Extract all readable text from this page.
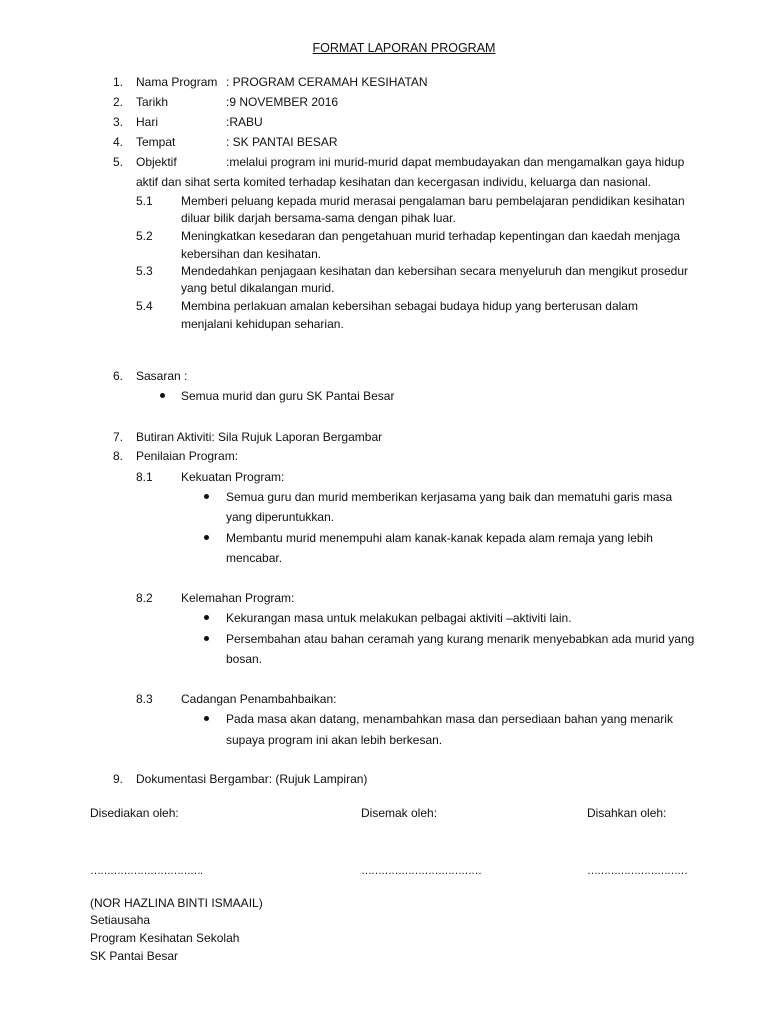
FORMAT LAPORAN PROGRAM
1. Nama Program : PROGRAM CERAMAH KESIHATAN
2. Tarikh	:9 NOVEMBER 2016
3. Hari	:RABU
4. Tempat	: SK PANTAI BESAR
5. Objektif	:melalui program ini murid-murid dapat membudayakan dan mengamalkan gaya hidup
aktif dan sihat serta komited terhadap kesihatan dan kecergasan individu, keluarga dan nasional.
5.1 Memberi peluang kepada murid merasai pengalaman baru pembelajaran pendidikan kesihatan
diluar bilik darjah bersama-sama dengan pihak luar.
5.2 Meningkatkan kesedaran dan pengetahuan murid terhadap kepentingan dan kaedah menjaga
kebersihan dan kesihatan.
5.3 Mendedahkan penjagaan kesihatan dan kebersihan secara menyeluruh dan mengikut prosedur
yang betul dikalangan murid.
5.4 Membina perlakuan amalan kebersihan sebagai budaya hidup yang berterusan dalam
menjalani kehidupan seharian.
6. Sasaran :
Semua murid dan guru SK Pantai Besar
7. Butiran Aktiviti: Sila Rujuk Laporan Bergambar
8. Penilaian Program:
8.1 Kekuatan Program:
Semua guru dan murid memberikan kerjasama yang baik dan mematuhi garis masa
yang diperuntukkan.
Membantu murid menempuhi alam kanak-kanak kepada alam remaja yang lebih
mencabar.
8.2 Kelemahan Program:
Kekurangan masa untuk melakukan pelbagai aktiviti –aktiviti lain.
Persembahan atau bahan ceramah yang kurang menarik menyebabkan ada murid yang
bosan.
8.3 Cadangan Penambahbaikan:
Pada masa akan datang, menambahkan masa dan persediaan bahan yang menarik
supaya program ini akan lebih berkesan.
9. Dokumentasi Bergambar: (Rujuk Lampiran)
Disediakan oleh:	Disemak oleh:	Disahkan oleh:
…………………………….	………………………………	…………………………
(NOR HAZLINA BINTI ISMAAIL)
Setiausaha
Program Kesihatan Sekolah
SK Pantai Besar
